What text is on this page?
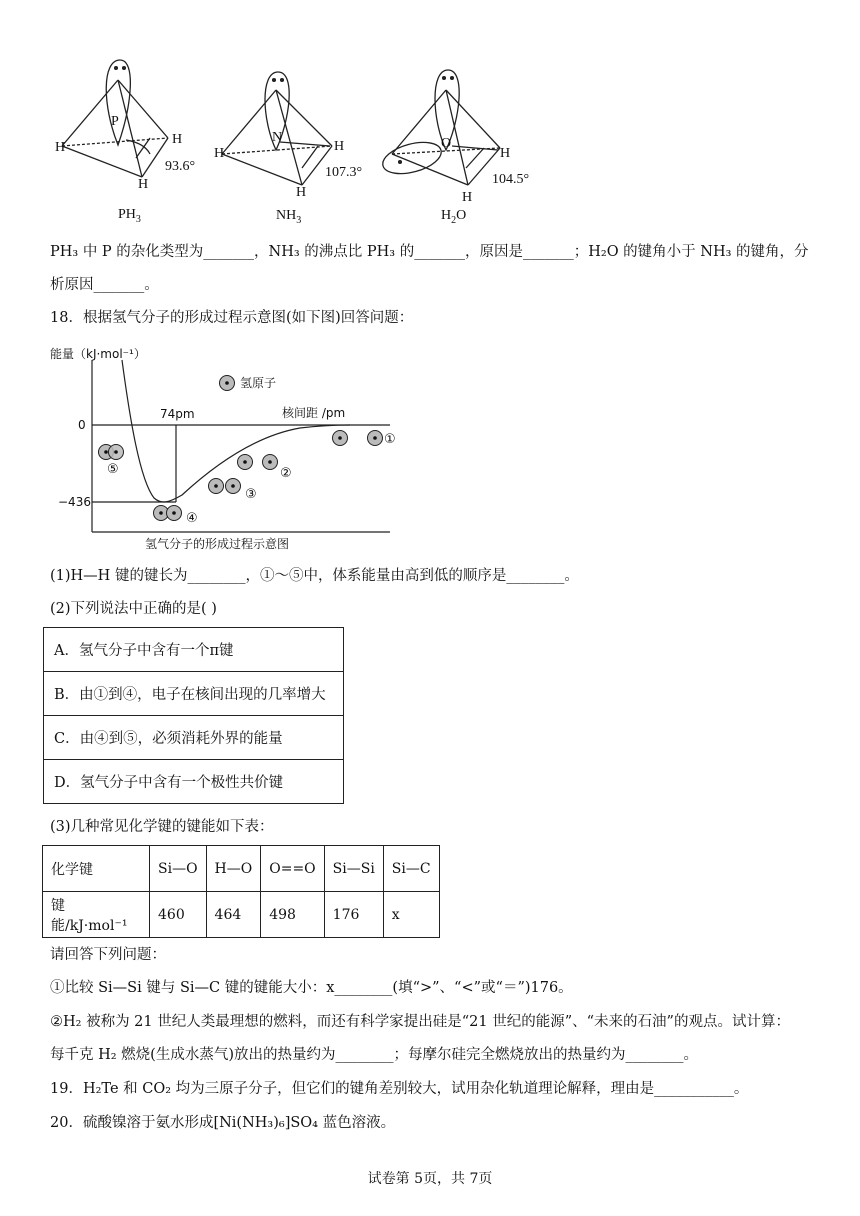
P
H
H
H
93.6°
$PH_3$
N
H	H
H
107.3°
$NH_3$
O
H
H
104.5°
$H_2O$
PH₃ 中 P 的杂化类型为_______，NH₃ 的沸点比 PH₃ 的_______，原因是_______；H₂O 的键角小于 NH₃ 的键角，分
析原因_______。
18．根据氢气分子的形成过程示意图(如下图)回答问题：
能量（kJ·mol⁻¹）
核间距 /pm
氢原子
0
−436
74pm
氢气分子的形成过程示意图
①
②
③
④
⑤
(1)H—H 键的键长为________，①～⑤中，体系能量由高到低的顺序是________。
(2)下列说法中正确的是( )
A．氢气分子中含有一个π键
B．由①到④，电子在核间出现的几率增大
C．由④到⑤，必须消耗外界的能量
D．氢气分子中含有一个极性共价键
(3)几种常见化学键的键能如下表：
化学键	Si—O	H—O	O==O	Si—Si	Si—C
键能/kJ·mol⁻¹	460	464	498	176	x
请回答下列问题：
①比较 Si—Si 键与 Si—C 键的键能大小：x________(填“>”、“<”或“＝”)176。
②H₂ 被称为 21 世纪人类最理想的燃料，而还有科学家提出硅是“21 世纪的能源”、“未来的石油”的观点。试计算：
每千克 H₂ 燃烧(生成水蒸气)放出的热量约为________；每摩尔硅完全燃烧放出的热量约为________。
19．H₂Te 和 CO₂ 均为三原子分子，但它们的键角差别较大，试用杂化轨道理论解释，理由是___________。
20．硫酸镍溶于氨水形成[Ni(NH₃)₆]SO₄ 蓝色溶液。
试卷第 5页，共 7页
